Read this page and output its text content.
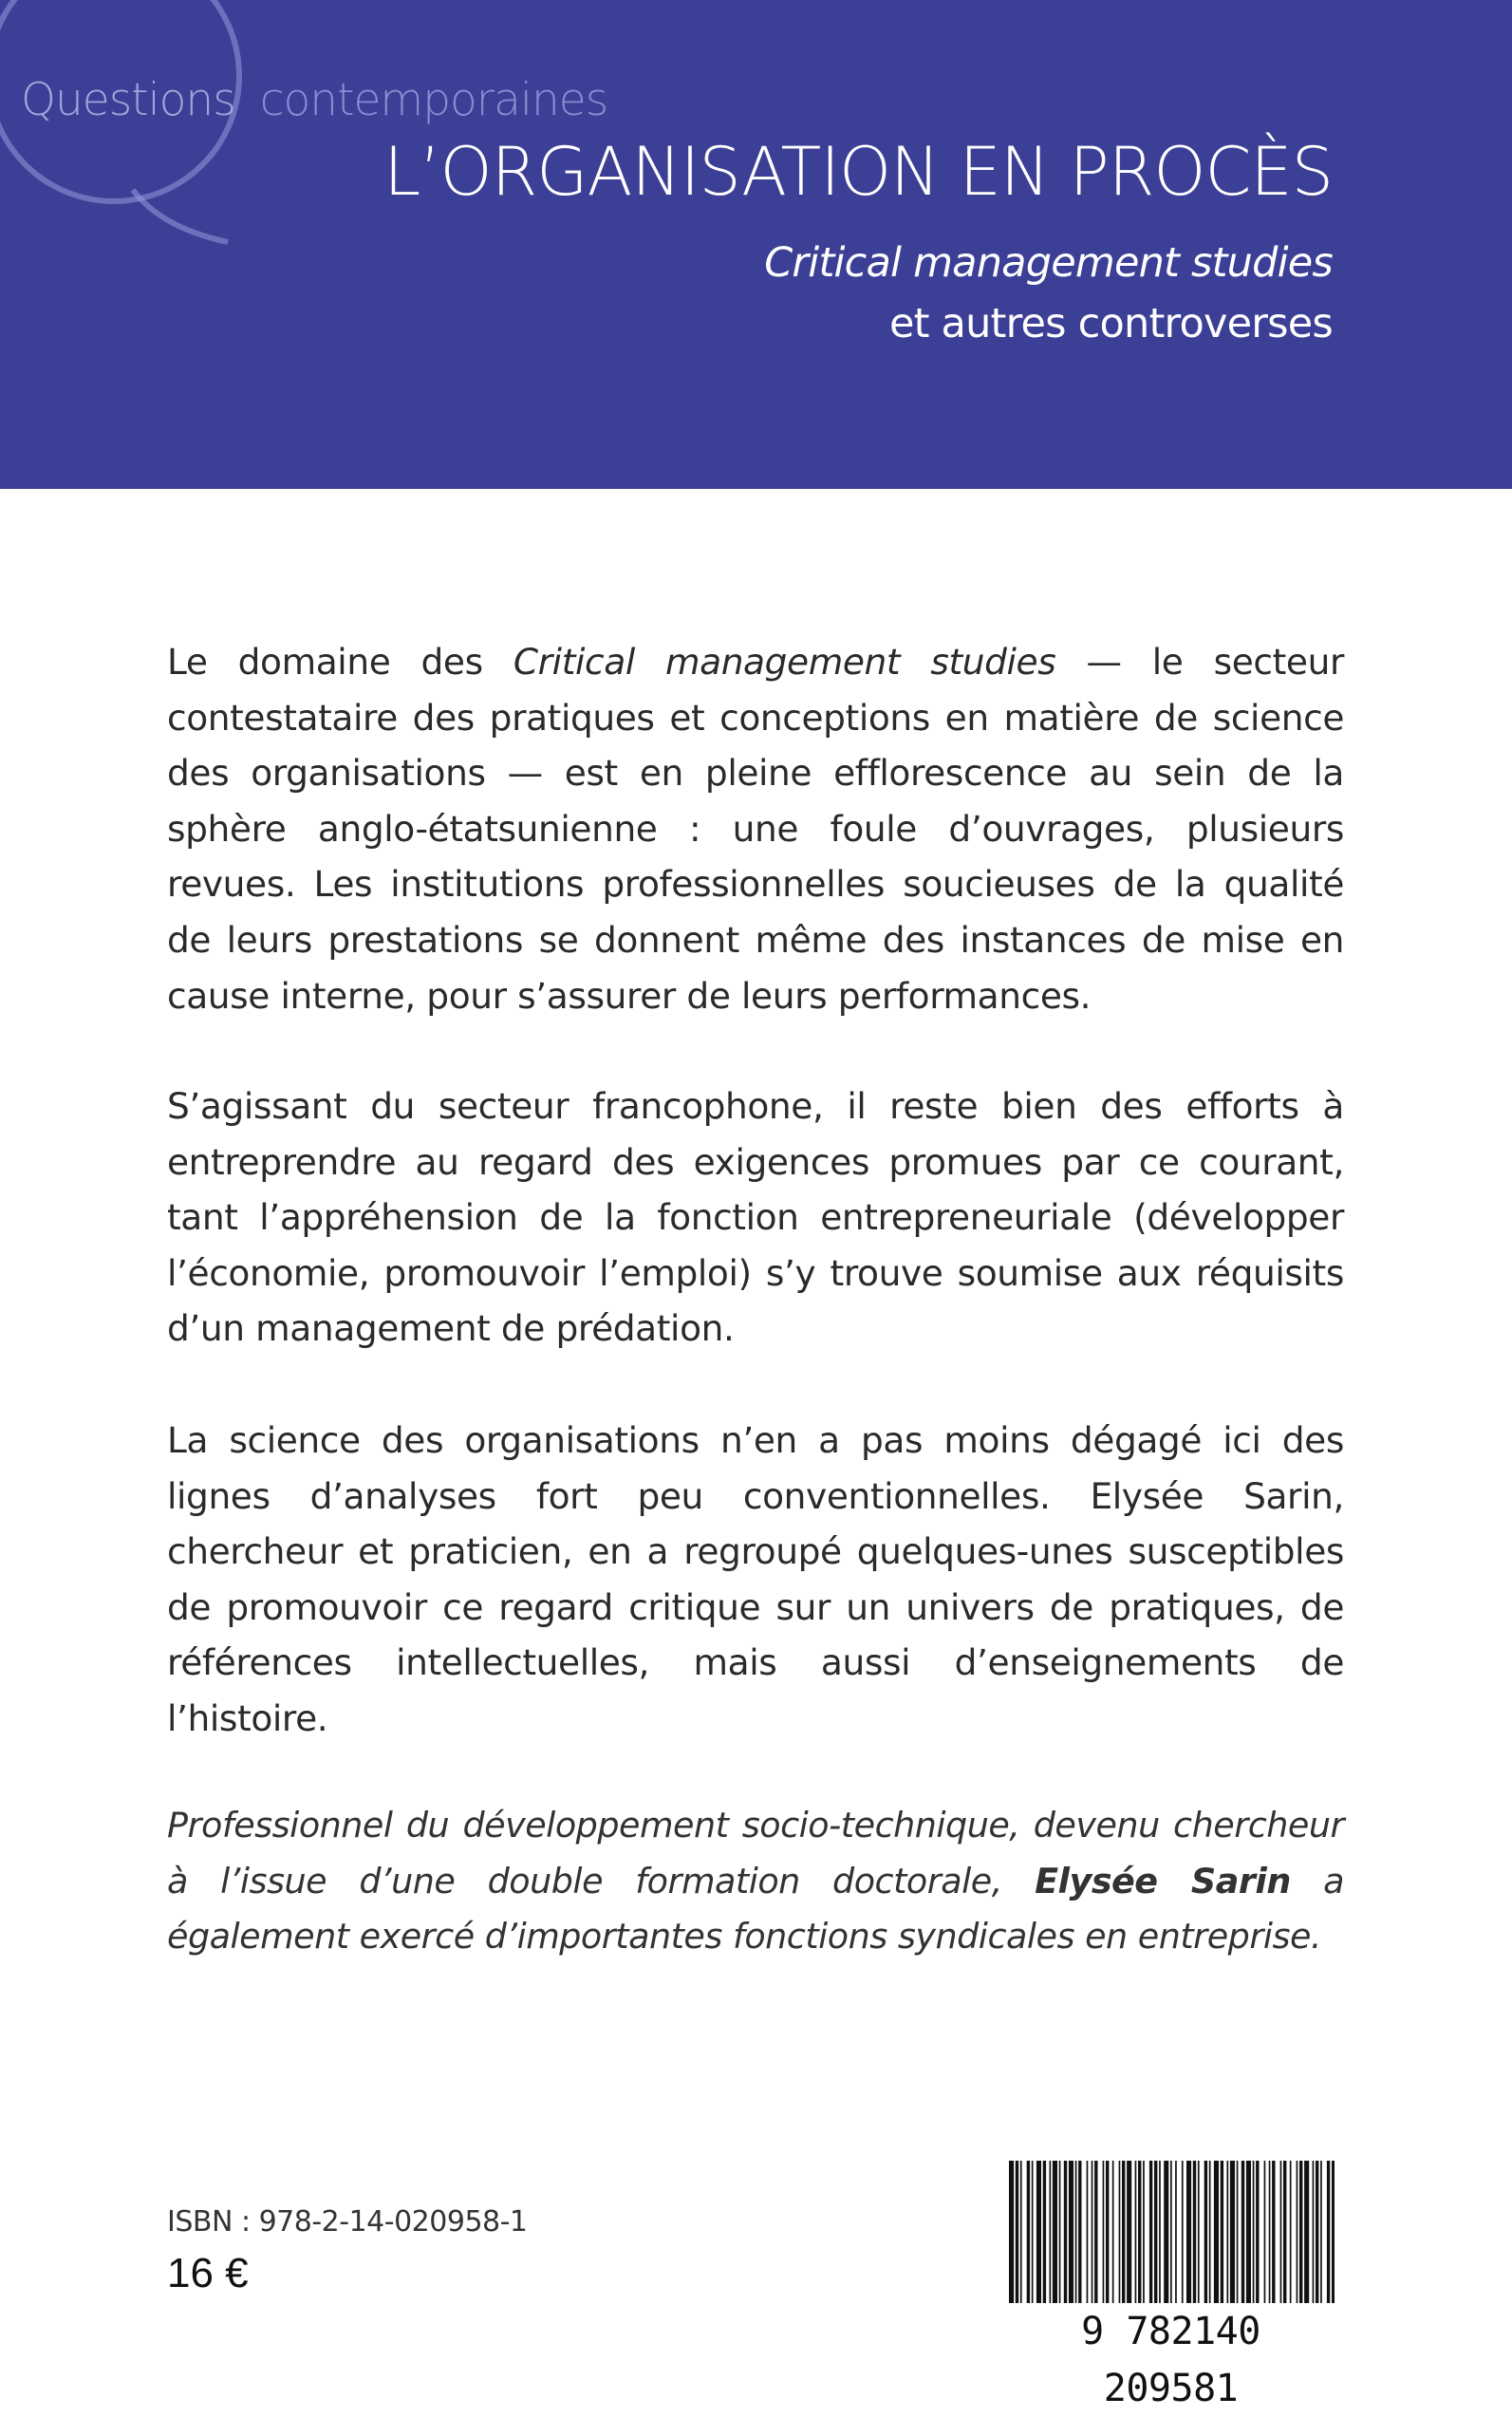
Questions contemporaines
L’ORGANISATION EN PROCÈS
Critical management studies
et autres controverses
Le domaine des Critical management studies — le secteur contestataire des pratiques et conceptions en matière de science des organisations — est en pleine efflorescence au sein de la sphère anglo-étatsunienne : une foule d’ouvrages, plusieurs revues. Les institutions professionnelles soucieuses de la qualité de leurs prestations se donnent même des instances de mise en cause interne, pour s’assurer de leurs performances.
S’agissant du secteur francophone, il reste bien des efforts à entreprendre au regard des exigences promues par ce courant, tant l’appréhension de la fonction entrepreneuriale (développer l’économie, promouvoir l’emploi) s’y trouve soumise aux réquisits d’un management de prédation.
La science des organisations n’en a pas moins dégagé ici des lignes d’analyses fort peu conventionnelles. Elysée Sarin, chercheur et praticien, en a regroupé quelques-unes susceptibles de promouvoir ce regard critique sur un univers de pratiques, de références intellectuelles, mais aussi d’enseignements de l’histoire.
Professionnel du développement socio-technique, devenu chercheur à l’issue d’une double formation doctorale, Elysée Sarin a également exercé d’importantes fonctions syndicales en entreprise.
ISBN : 978-2-14-020958-1
16 €
9 782140 209581
